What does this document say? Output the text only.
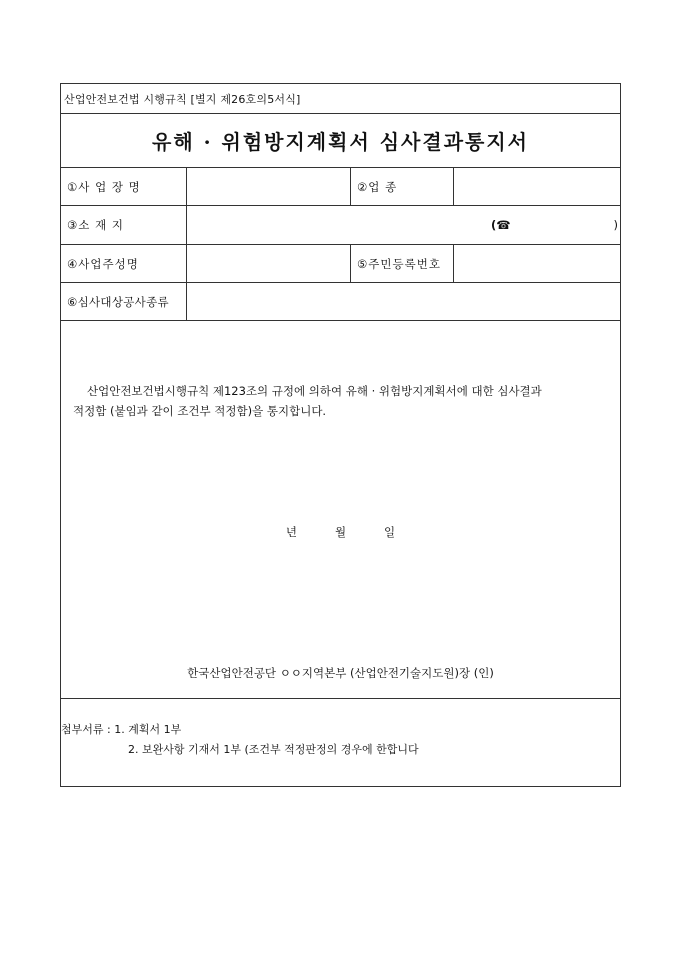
산업안전보건법 시행규칙 [별지 제26호의5서식]
유해 · 위험방지계획서 심사결과통지서
①사 업 장 명	②업 종
③소 재 지	(☎	)
④사업주성명	⑤주민등록번호
⑥심사대상공사종류
산업안전보건법시행규칙 제123조의 규정에 의하여 유해 · 위험방지계획서에 대한 심사결과
적정함 (붙임과 같이 조건부 적정함)을 통지합니다.
년	월	일
한국산업안전공단 ㅇㅇ지역본부 (산업안전기술지도원)장 (인)
첨부서류 : 1. 계획서 1부
2. 보완사항 기재서 1부 (조건부 적정판정의 경우에 한합니다
